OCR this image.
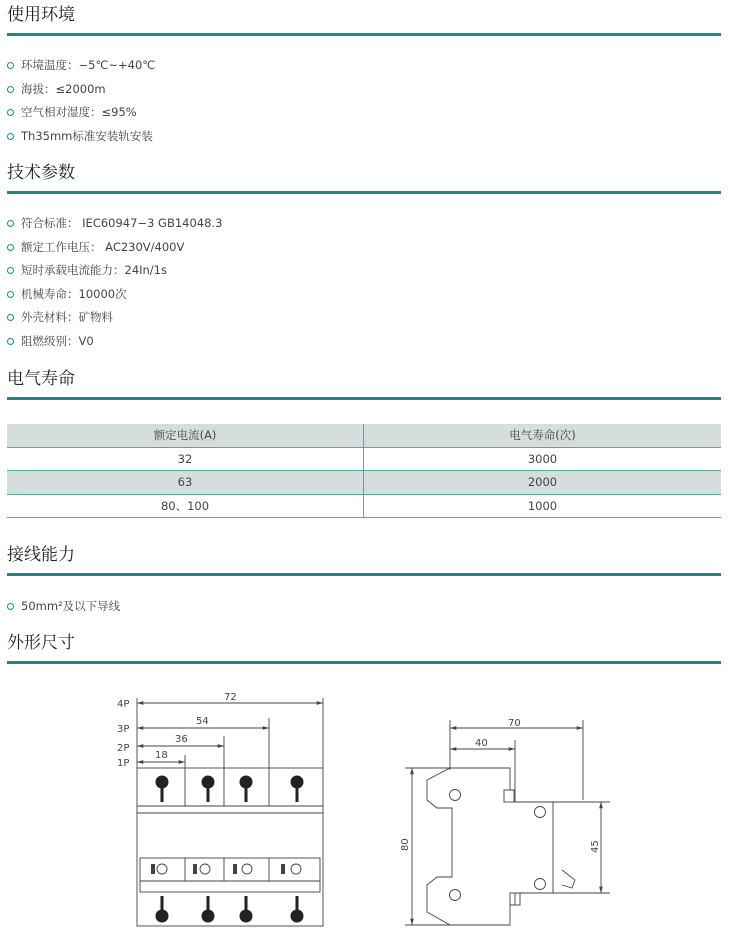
使用环境
环境温度：−5℃~+40℃
海拔：≤2000m
空气相对湿度：≤95%
Th35mm标准安装轨安装
技术参数
符合标准： IEC60947−3 GB14048.3
额定工作电压： AC230V/400V
短时承载电流能力：24In/1s
机械寿命：10000次
外壳材料：矿物料
阻燃级别：V0
电气寿命
额定电流(A)	电气寿命(次)
32	3000
63	2000
80、100	1000
接线能力
50mm²及以下导线
外形尺寸
4P
3P
2P
1P
72
54
36
18
70
40
80	45
